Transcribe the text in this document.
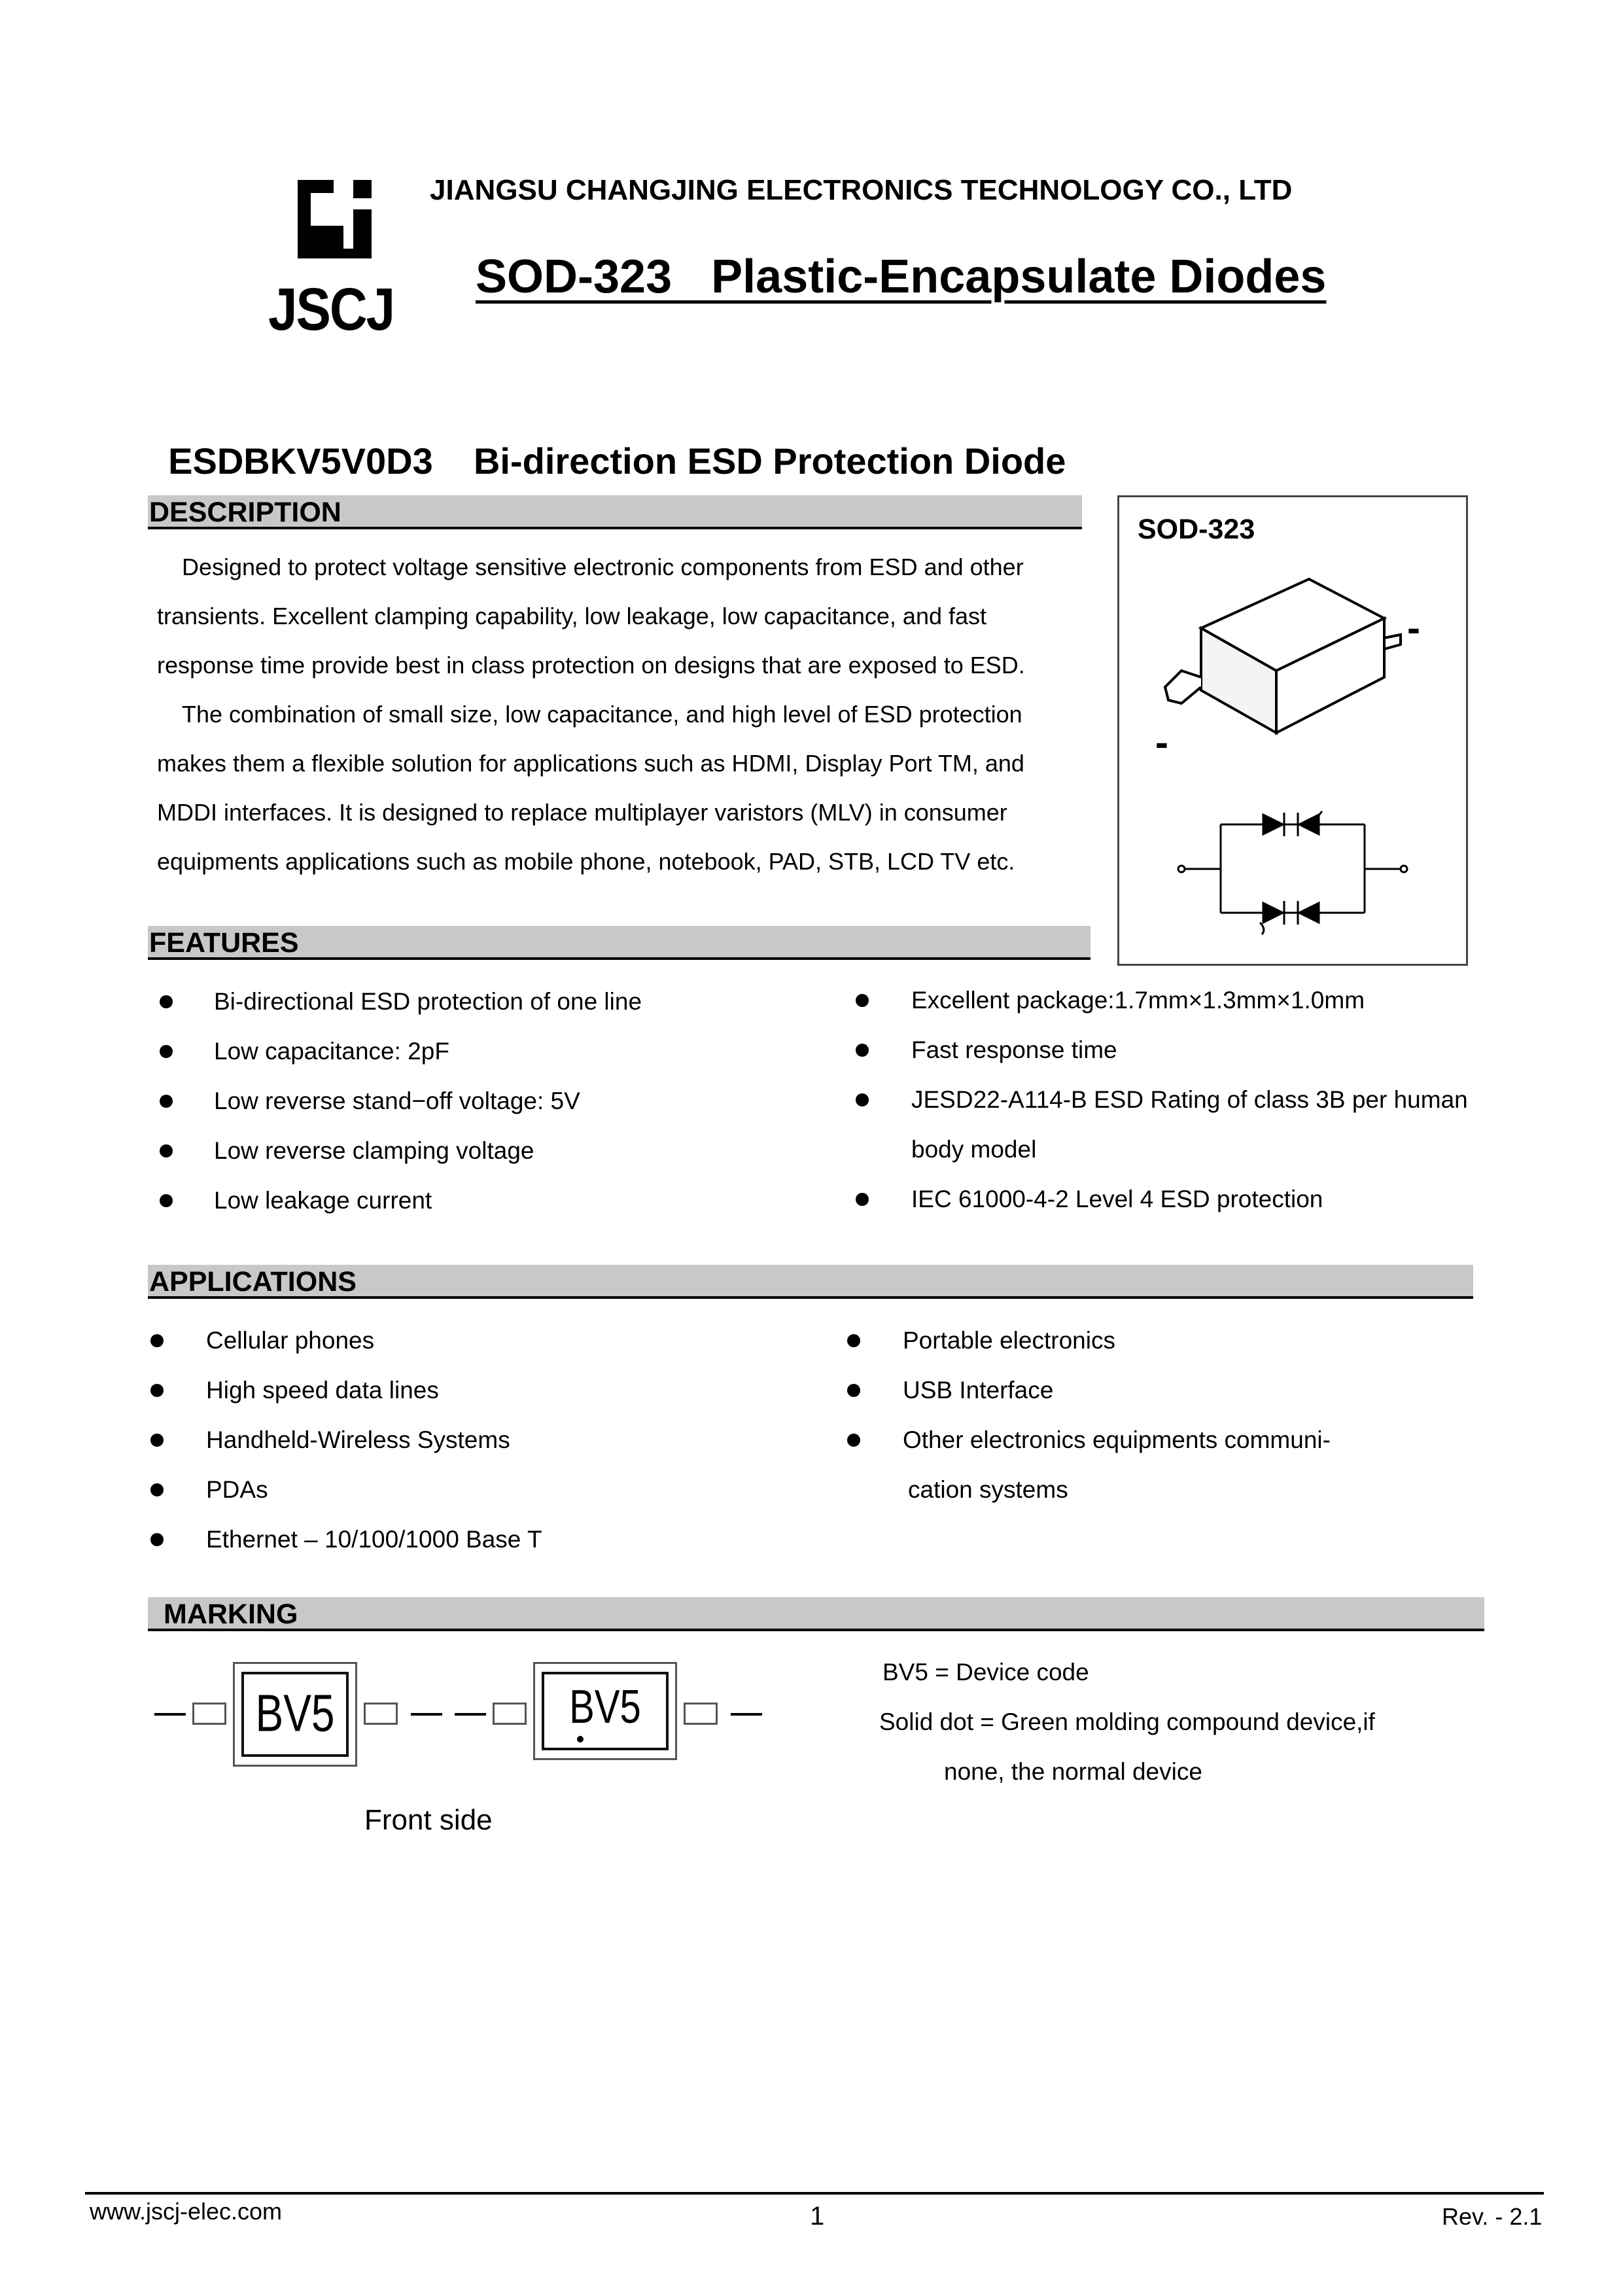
JSCJ
JIANGSU CHANGJING ELECTRONICS TECHNOLOGY CO., LTD
SOD-323   Plastic-Encapsulate Diodes

ESDBKV5V0D3 Bi-direction ESD Protection Diode

DESCRIPTION

Designed to protect voltage sensitive electronic components from ESD and other

transients. Excellent clamping capability, low leakage, low capacitance, and fast

response time provide best in class protection on designs that are exposed to ESD.

The combination of small size, low capacitance, and high level of ESD protection

makes them a flexible solution for applications such as HDMI, Display Port TM, and

MDDI interfaces. It is designed to replace multiplayer varistors (MLV) in consumer

equipments applications such as mobile phone, notebook, PAD, STB, LCD TV etc.

SOD-323
-
-
FEATURES
Bi-directional ESD protection of one line
Low capacitance: 2pF
Low reverse stand−off voltage: 5V
Low reverse clamping voltage
Low leakage current
Excellent package:1.7mm×1.3mm×1.0mm
Fast response time
JESD22-A114-B ESD Rating of class 3B per human
body model
IEC 61000-4-2 Level 4 ESD protection
APPLICATIONS
Cellular phones
High speed data lines
Handheld-Wireless Systems
PDAs
Ethernet – 10/100/1000 Base T
Portable electronics
USB Interface
Other electronics equipments communi-
cation systems
MARKING
BV5	BV5
Front side
BV5 = Device code
Solid dot = Green molding compound device,if
none, the normal device
www.jscj-elec.com	1	Rev. - 2.1
